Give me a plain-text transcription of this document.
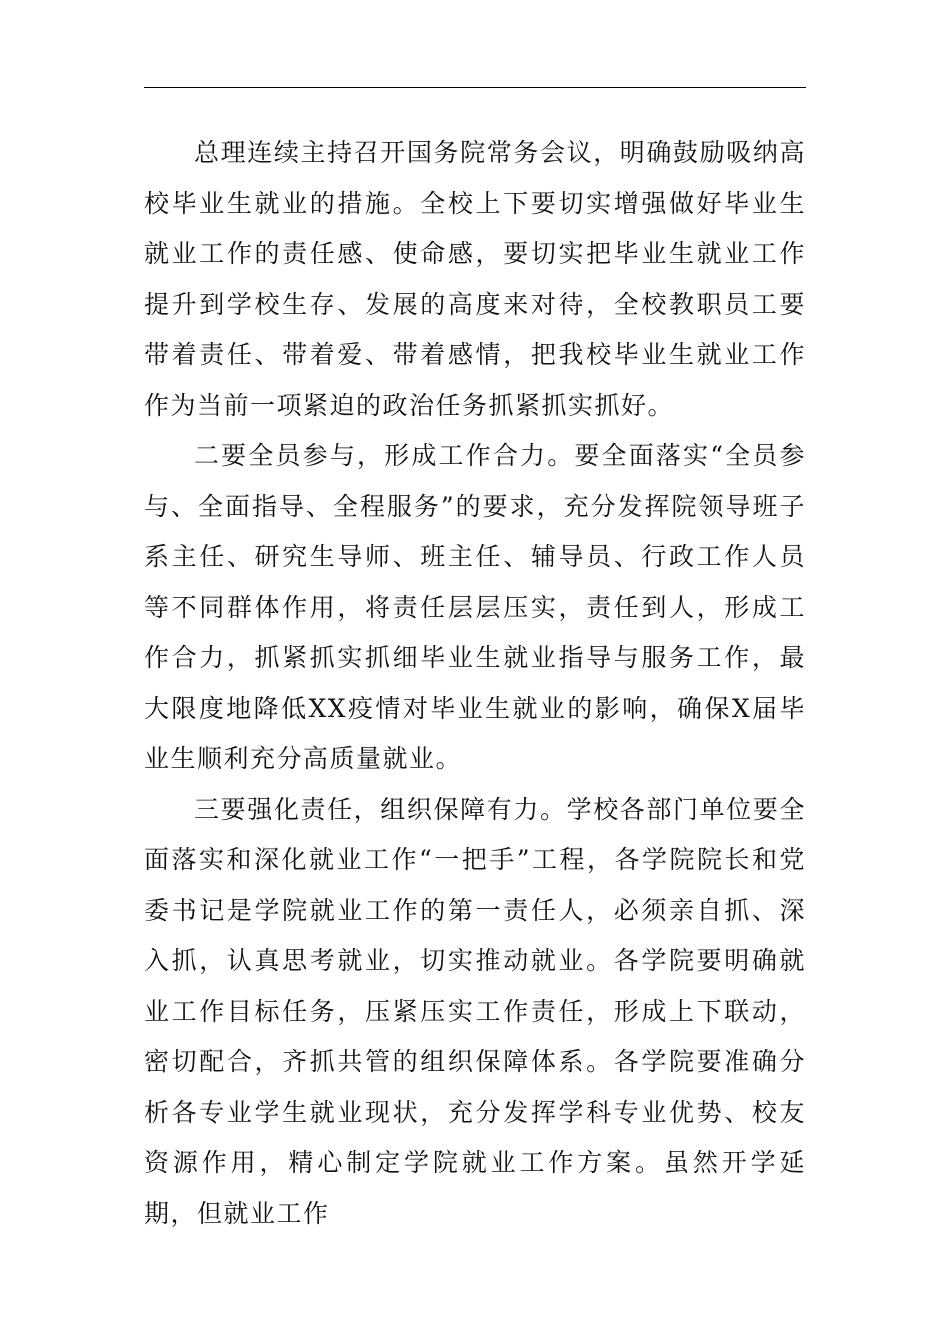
总理连续主持召开国务院常务会议，明确鼓励吸纳高校毕业生就业的措施。全校上下要切实增强做好毕业生就业工作的责任感、使命感，要切实把毕业生就业工作提升到学校生存、发展的高度来对待，全校教职员工要带着责任、带着爱、带着感情，把我校毕业生就业工作作为当前一项紧迫的政治任务抓紧抓实抓好。

二要全员参与，形成工作合力。要全面落实“全员参与、全面指导、全程服务”的要求，充分发挥院领导班子系主任、研究生导师、班主任、辅导员、行政工作人员等不同群体作用，将责任层层压实，责任到人，形成工作合力，抓紧抓实抓细毕业生就业指导与服务工作，最大限度地降低XX疫情对毕业生就业的影响，确保X届毕业生顺利充分高质量就业。

三要强化责任，组织保障有力。学校各部门单位要全面落实和深化就业工作“一把手”工程，各学院院长和党委书记是学院就业工作的第一责任人，必须亲自抓、深入抓，认真思考就业，切实推动就业。各学院要明确就业工作目标任务，压紧压实工作责任，形成上下联动，密切配合，齐抓共管的组织保障体系。各学院要准确分析各专业学生就业现状，充分发挥学科专业优势、校友资源作用，精心制定学院就业工作方案。虽然开学延期，但就业工作
